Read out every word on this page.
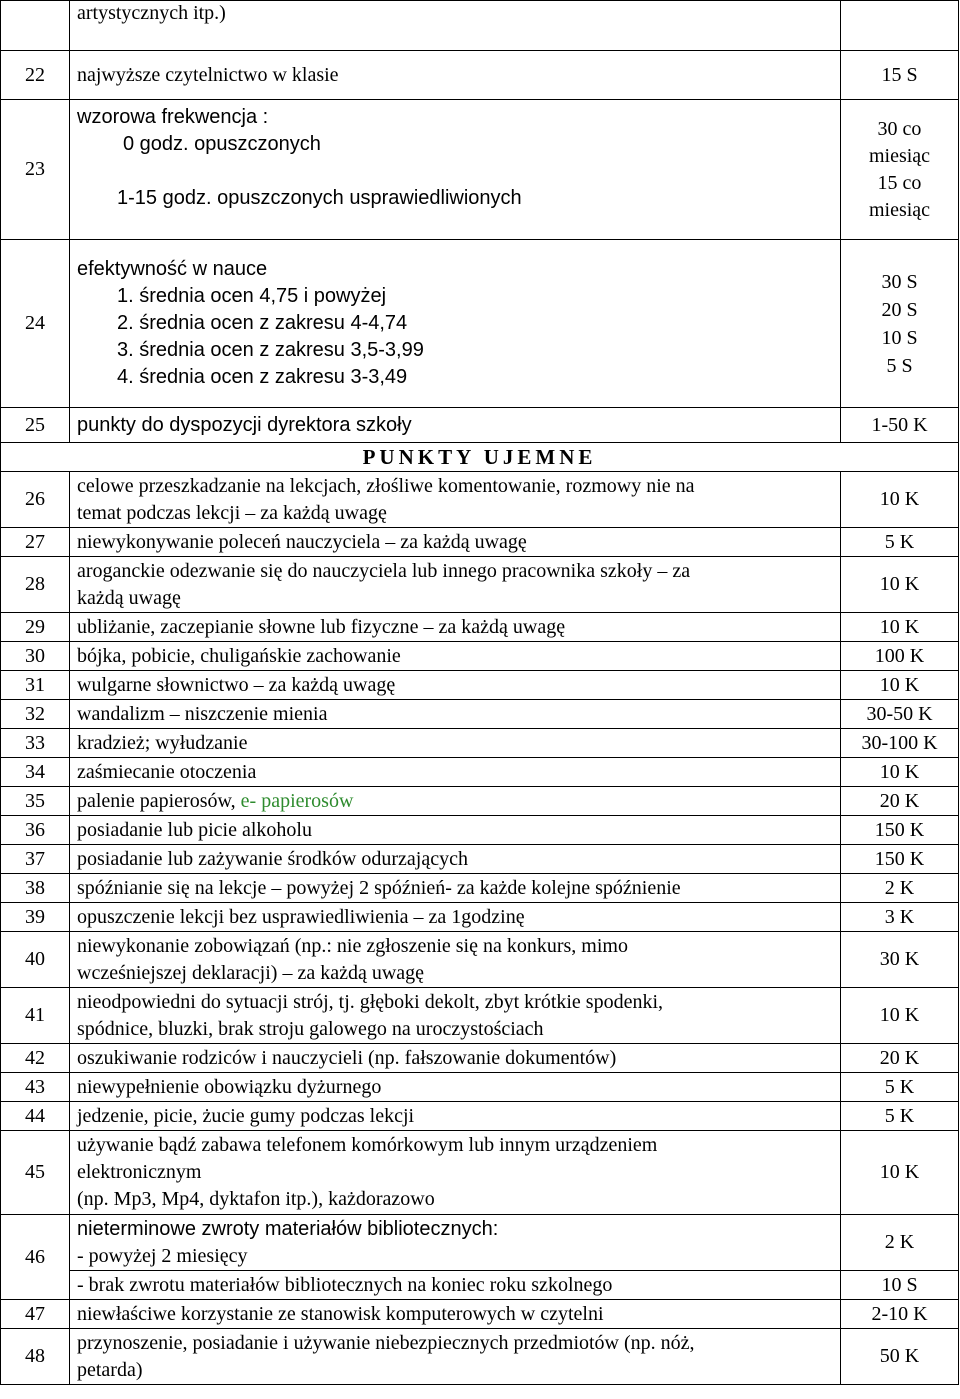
	artystycznych itp.)	

22	najwyższe czytelnictwo w klasie	15 S
23	wzorowa frekwencja :
0 godz. opuszczonych
1-15 godz. opuszczonych usprawiedliwionych	30 co
miesiąc
15 co
miesiąc

24	efektywność w nauce
1. średnia ocen 4,75 i powyżej
2. średnia ocen z zakresu 4-4,74
3. średnia ocen z zakresu 3,5-3,99
4. średnia ocen z zakresu 3-3,49	30 S
20 S
10 S
5 S

25	punkty do dyspozycji dyrektora szkoły	1-50 K
PUNKTY UJEMNE		
26	celowe przeszkadzanie na lekcjach, złośliwe komentowanie, rozmowy nie na
temat podczas lekcji – za każdą uwagę	10 K
27	niewykonywanie poleceń nauczyciela – za każdą uwagę	5 K
28	aroganckie odezwanie się do nauczyciela lub innego pracownika szkoły – za
każdą uwagę	10 K
29	ubliżanie, zaczepianie słowne lub fizyczne – za każdą uwagę	10 K
30	bójka, pobicie, chuligańskie zachowanie	100 K
31	wulgarne słownictwo – za każdą uwagę	10 K
32	wandalizm – niszczenie mienia	30-50 K
33	kradzież; wyłudzanie	30-100 K
34	zaśmiecanie otoczenia	10 K
35	palenie papierosów, e- papierosów	20 K
36	posiadanie lub picie alkoholu	150 K
37	posiadanie lub zażywanie środków odurzających	150 K
38	spóźnianie się na lekcje – powyżej 2 spóźnień- za każde kolejne spóźnienie	2 K
39	opuszczenie lekcji bez usprawiedliwienia – za 1godzinę	3 K
40	niewykonanie zobowiązań (np.: nie zgłoszenie się na konkurs, mimo
wcześniejszej deklaracji) – za każdą uwagę	30 K
41	nieodpowiedni do sytuacji strój, tj. głęboki dekolt, zbyt krótkie spodenki,
spódnice, bluzki, brak stroju galowego na uroczystościach	10 K
42	oszukiwanie rodziców i nauczycieli (np. fałszowanie dokumentów)	20 K
43	niewypełnienie obowiązku dyżurnego	5 K
44	jedzenie, picie, żucie gumy podczas lekcji	5 K
45	używanie bądź zabawa telefonem komórkowym lub innym urządzeniem
elektronicznym
(np. Mp3, Mp4, dyktafon itp.), każdorazowo	10 K
46	nieterminowe zwroty materiałów bibliotecznych:
- powyżej 2 miesięcy	2 K

	- brak zwrotu materiałów bibliotecznych na koniec roku szkolnego	10 S
47	niewłaściwe korzystanie ze stanowisk komputerowych w czytelni	2-10 K
48	przynoszenie, posiadanie i używanie niebezpiecznych przedmiotów (np. nóż,
petarda)	50 K
